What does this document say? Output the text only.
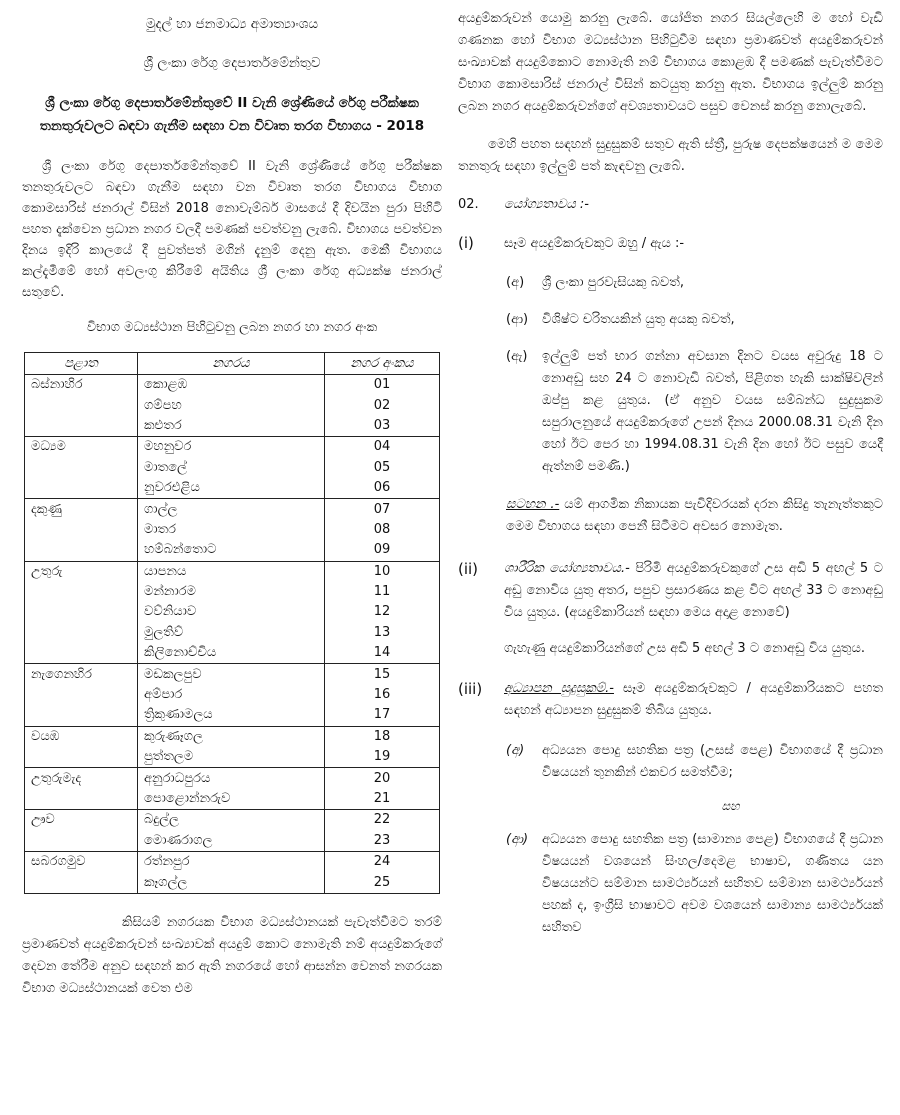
මුදල් හා ජනමාධ්‍ය අමාත්‍යාංශය
ශ්‍රී ලංකා රේගු දෙපාර්තමේන්තුව
ශ්‍රී ලංකා රේගු දෙපාර්තමේන්තුවේ II වැනි ශ්‍රේණියේ රේගු පරීක්ෂක තනතුරුවලට බඳවා ගැනීම සඳහා වන විවෘත තරග විභාගය - 2018

ශ්‍රී ලංකා රේගු දෙපාර්තමේන්තුවේ II වැනි ශ්‍රේණියේ රේගු පරීක්ෂක තනතුරුවලට බඳවා ගැනීම සඳහා වන විවෘත තරග විභාගය විභාග කොමසාරිස් ජනරාල් විසින් 2018 නොවැම්බර් මාසයේ දී දිවයින පුරා පිහිටි පහත දැක්වෙන ප්‍රධාන නගර වලදී පමණක් පවත්වනු ලැබේ. විභාගය පවත්වන දිනය ඉදිරි කාලයේ දී පුවත්පත් මගින් දැනුම් දෙනු ඇත. මෙකී විභාගය කල්දැමීමේ හෝ අවලංගු කිරීමේ අයිතිය ශ්‍රී ලංකා රේගු අධ්‍යක්ෂ ජනරාල් සතුවේ.

විභාග මධ්‍යස්ථාන පිහිටුවනු ලබන නගර හා නගර අංක
පළාත	නගරය	නගර අංකය
බස්නාහිර	කොළඹ	01
	ගම්පහ	02
	කළුතර	03
මධ්‍යම	මහනුවර	04
	මාතලේ	05
	නුවරඑළිය	06
දකුණු	ගාල්ල	07
	මාතර	08
	හම්බන්තොට	09
උතුරු	යාපනය	10
	මන්නාරම	11
	වව්නියාව	12
	මුලතිව්	13
	කිලිනොච්චිය	14
නැගෙනහිර	මඩකලපුව	15
	අම්පාර	16
	ත්‍රිකුණාමලය	17
වයඹ	කුරුණෑගල	18
	පුත්තලම	19
උතුරුමැද	අනුරාධපුරය	20
	පොළොන්නරුව	21
ඌව	බදුල්ල	22
	මොණරාගල	23
සබරගමුව	රත්නපුර	24
	කෑගල්ල	25

කිසියම් නගරයක විභාග මධ්‍යස්ථානයක් පැවැත්වීමට තරම් ප්‍රමාණවත් අයදුම්කරුවන් සංඛ්‍යාවක් අයදුම් කොට නොමැති නම් අයදුම්කරුගේ දෙවන තේරීම අනුව සඳහන් කර ඇති නගරයේ හෝ ආසන්න වෙනත් නගරයක විභාග මධ්‍යස්ථානයක් වෙත එම

අයදුම්කරුවන් යොමු කරනු ලැබේ. යෝජිත නගර සියල්ලෙහි ම හෝ වැඩි ගණනක හෝ විභාග මධ්‍යස්ථාන පිහිටුවීම සඳහා ප්‍රමාණවත් අයදුම්කරුවන් සංඛ්‍යාවක් අයදුම්කොට නොමැති නම් විභාගය කොළඹ දී පමණක් පැවැත්වීමට විභාග කොමසාරිස් ජනරාල් විසින් කටයුතු කරනු ඇත. විභාගය ඉල්ලුම් කරනු ලබන නගර අයදුම්කරුවන්ගේ අවශ්‍යතාවයට පසුව වෙනස් කරනු නොලැබේ.

මෙහි පහත සඳහන් සුදුසුකම් සතුව ඇති ස්ත්‍රී, පුරුෂ දෙපක්ෂයෙන් ම මෙම තනතුරු සඳහා ඉල්ලුම් පත් කැඳවනු ලැබේ.

02.	යෝග්‍යතාවය :-
(i)	සෑම අයදුම්කරුවකුට ඔහු / ඇය :-
(අ)	ශ්‍රී ලංකා පුරවැසියකු බවත්,
(ආ)	විශිෂ්ට චරිතයකින් යුතු අයකු බවත්,
(ඇ)	ඉල්ලුම් පත් භාර ගන්නා අවසාන දිනට වයස අවුරුදු 18 ට නොඅඩු සහ 24 ට නොවැඩි බවත්, පිළිගත හැකි සාක්ෂිවලින් ඔප්පු කළ යුතුය. (ඒ අනුව වයස සම්බන්ධ සුදුසුකම සපුරාලනුයේ අයදුම්කරුගේ උපන් දිනය 2000.08.31 වැනි දින හෝ ඊට පෙර හා 1994.08.31 වැනි දින හෝ ඊට පසුව යෙදී ඇත්නම් පමණි.)
සටහන .- යම් ආගමික නිකායක පැවිදිවරයක් දරන කිසිදු තැනැත්තකුට මෙම විභාගය සඳහා පෙනී සිටීමට අවසර නොමැත.
(ii)	ශාරීරික යෝග්‍යතාවය.- පිරිමි අයදුම්කරුවකුගේ උස අඩි 5 අඟල් 5 ට අඩු නොවිය යුතු අතර, පපුව ප්‍රසාරණය කළ විට අඟල් 33 ට නොඅඩු විය යුතුය. (අයදුම්කාරියන් සඳහා මෙය අදාළ නොවේ)

ගැහැණු අයදුම්කාරියන්ගේ උස අඩි 5 අඟල් 3 ට නොඅඩු විය යුතුය.

(iii)	අධ්‍යාපන සුදුසුකම්.- සෑම අයදුම්කරුවකුට / අයදුම්කාරියකට පහත සඳහන් අධ්‍යාපන සුදුසුකම් තිබිය යුතුය.
(අ)	අධ්‍යයන පොදු සහතික පත්‍ර (උසස් පෙළ) විභාගයේ දී ප්‍රධාන විෂයයන් තුනකින් එකවර සමත්වීම;
සහ
(ආ)	අධ්‍යයන පොදු සහතික පත්‍ර (සාමාන්‍ය පෙළ) විභාගයේ දී ප්‍රධාන විෂයයන් වශයෙන් සිංහල/දෙමළ භාෂාව, ගණිතය යන විෂයයන්ට සම්මාන සාමර්ථ්‍යයන් සහිතව සම්මාන සාමර්ථ්‍යයන් පහක් ද, ඉංග්‍රීසි භාෂාවට අවම වශයෙන් සාමාන්‍ය සාමර්ථ්‍යයක් සහිතව
